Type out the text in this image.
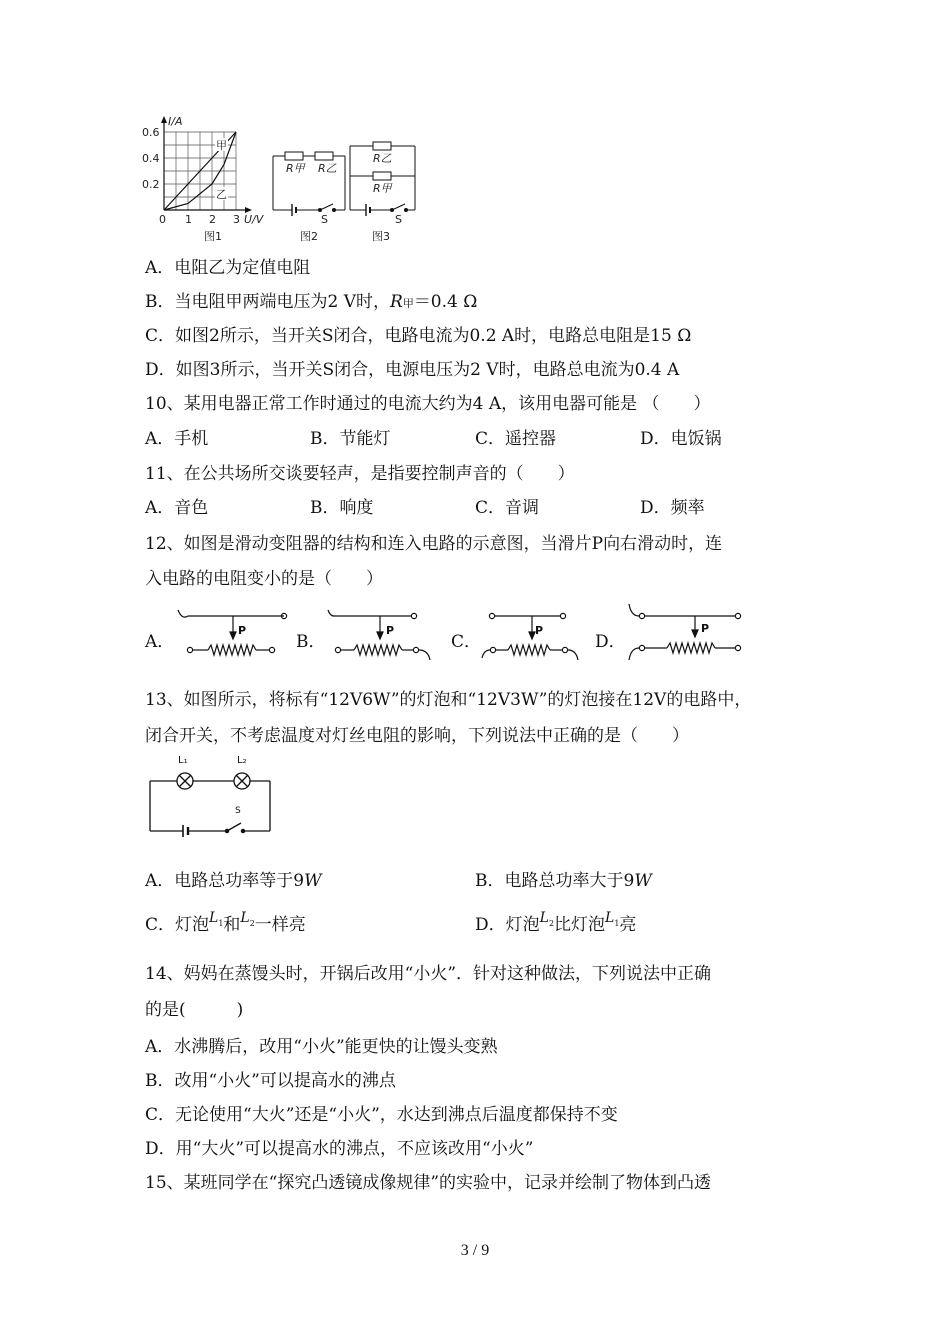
I/A
U/V
0.6
0.4
0.2
0 1 2 3
甲
乙
图1
R甲 R乙
S
图2
R乙
R甲
S
图3
A．电阻乙为定值电阻
B．当电阻甲两端电压为2 V时，R甲＝0.4 Ω
C．如图2所示，当开关S闭合，电路电流为0.2 A时，电路总电阻是15 Ω
D．如图3所示，当开关S闭合，电源电压为2 V时，电路总电流为0.4 A
10、某用电器正常工作时通过的电流大约为4 A，该用电器可能是 （　　）
A．手机	B．节能灯	C．遥控器	D．电饭锅
11、在公共场所交谈要轻声，是指要控制声音的（　　）
A．音色	B．响度	C．音调	D．频率
12、如图是滑动变阻器的结构和连入电路的示意图，当滑片P向右滑动时，连
入电路的电阻变小的是（　　）
A．
P
B．
P
C．
P
D．
P
13、如图所示，将标有“12V6W”的灯泡和“12V3W”的灯泡接在12V的电路中，
闭合开关，不考虑温度对灯丝电阻的影响，下列说法中正确的是（　　）
L₁	L₂
S
A．电路总功率等于9W	B．电路总功率大于9W
C．灯泡$^{L1}$和$^{L2}$一样亮	D．灯泡$^{L2}$比灯泡$^{L1}$亮
14、妈妈在蒸馒头时，开锅后改用“小火”．针对这种做法，下列说法中正确
的是(　　　)
A．水沸腾后，改用“小火”能更快的让馒头变熟
B．改用“小火”可以提高水的沸点
C．无论使用“大火”还是“小火”，水达到沸点后温度都保持不变
D．用“大火”可以提高水的沸点，不应该改用“小火”
15、某班同学在“探究凸透镜成像规律”的实验中，记录并绘制了物体到凸透
3 / 9
